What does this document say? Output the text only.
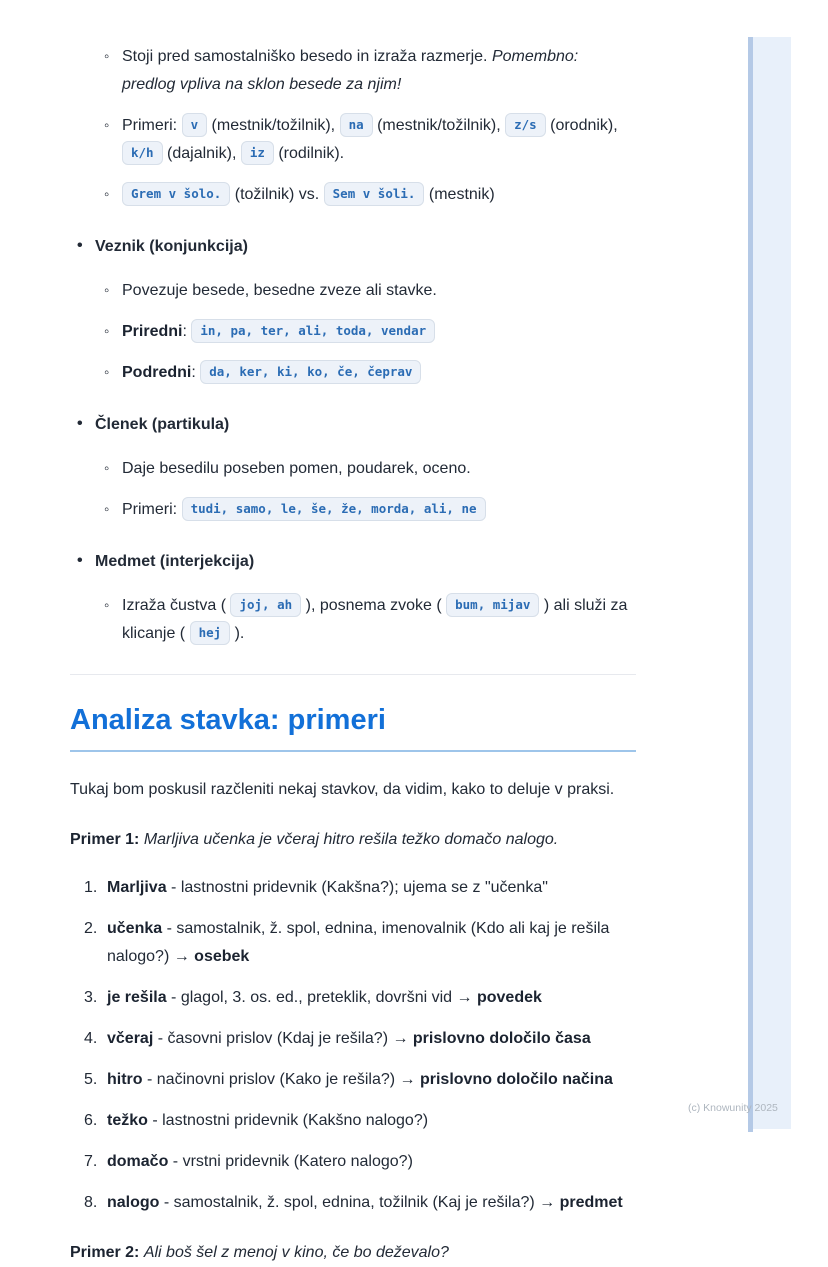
◦ Stoji pred samostalniško besedo in izraža razmerje. Pomembno: predlog vpliva na sklon besede za njim!
◦ Primeri: v (mestnik/tožilnik), na (mestnik/tožilnik), z/s (orodnik), k/h (dajalnik), iz (rodilnik).
◦ Grem v šolo. (tožilnik) vs. Sem v šoli. (mestnik)
• Veznik (konjunkcija)
◦ Povezuje besede, besedne zveze ali stavke.
◦ Priredni: in, pa, ter, ali, toda, vendar
◦ Podredni: da, ker, ki, ko, če, čeprav
• Členek (partikula)
◦ Daje besedilu poseben pomen, poudarek, oceno.
◦ Primeri: tudi, samo, le, še, že, morda, ali, ne
• Medmet (interjekcija)
◦ Izraža čustva ( joj, ah ), posnema zvoke ( bum, mijav ) ali služi za klicanje ( hej ).
Analiza stavka: primeri

Tukaj bom poskusil razčleniti nekaj stavkov, da vidim, kako to deluje v praksi.

Primer 1: Marljiva učenka je včeraj hitro rešila težko domačo nalogo.

1. Marljiva - lastnostni pridevnik (Kakšna?); ujema se z "učenka"
2. učenka - samostalnik, ž. spol, ednina, imenovalnik (Kdo ali kaj je rešila nalogo?) → osebek
3. je rešila - glagol, 3. os. ed., preteklik, dovršni vid → povedek
4. včeraj - časovni prislov (Kdaj je rešila?) → prislovno določilo časa
5. hitro - načinovni prislov (Kako je rešila?) → prislovno določilo načina
6. težko - lastnostni pridevnik (Kakšno nalogo?)
7. domačo - vrstni pridevnik (Katero nalogo?)
8. nalogo - samostalnik, ž. spol, ednina, tožilnik (Kaj je rešila?) → predmet

Primer 2: Ali boš šel z menoj v kino, če bo deževalo?

(c) Knowunity 2025
